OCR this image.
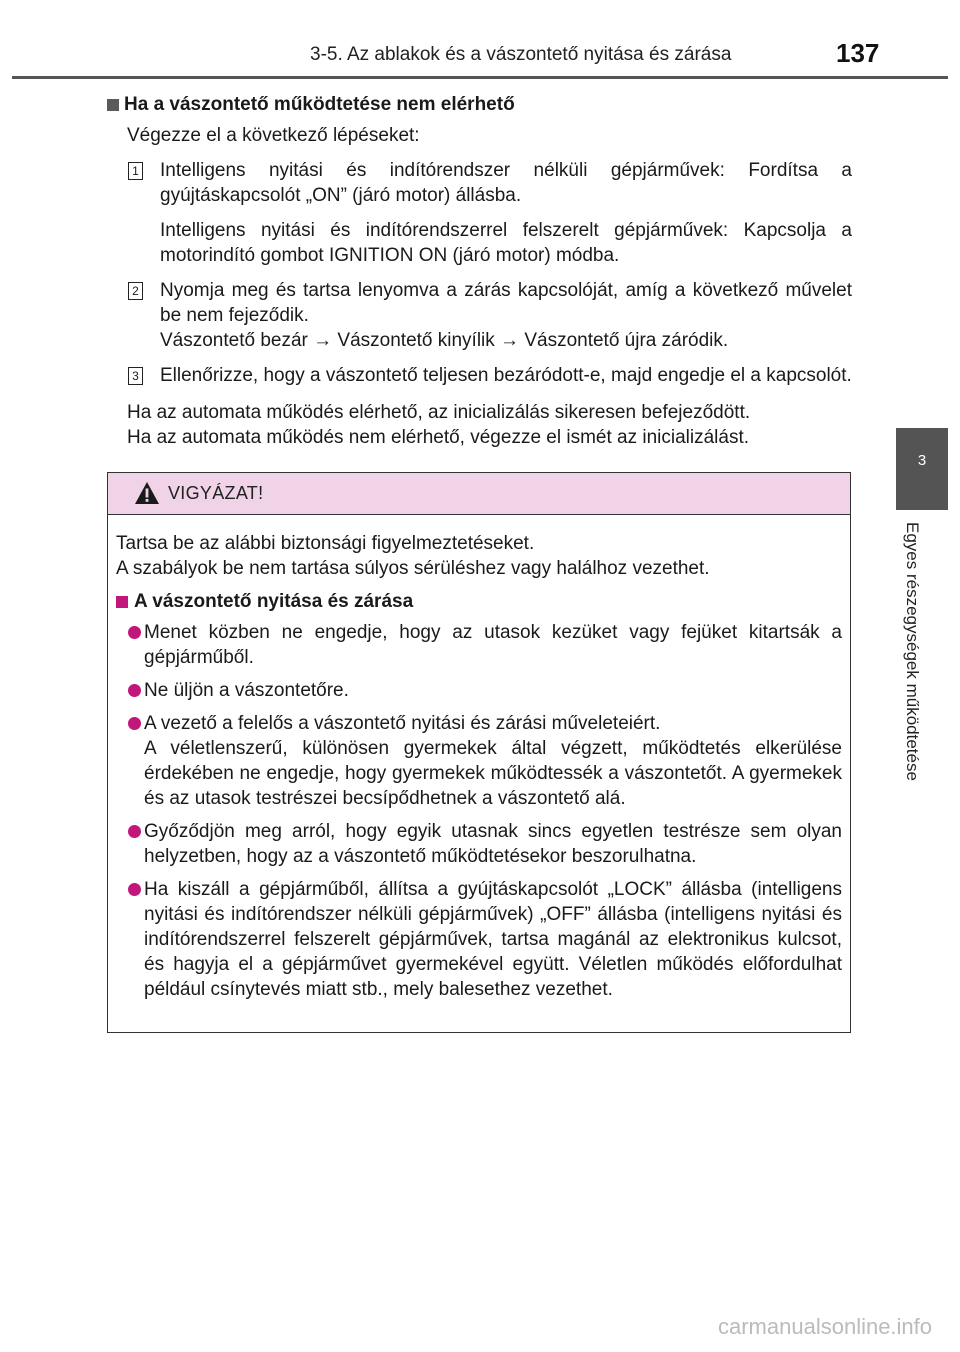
3-5. Az ablakok és a vászontető nyitása és zárása	137
3
Egyes részegységek működtetése
Ha a vászontető működtetése nem elérhető
Végezze el a következő lépéseket:
1 Intelligens nyitási és indítórendszer nélküli gépjárművek: Fordítsa a gyújtáskapcsolót „ON” (járó motor) állásba.
Intelligens nyitási és indítórendszerrel felszerelt gépjárművek: Kapcsolja a motorindító gombot IGNITION ON (járó motor) módba.
2 Nyomja meg és tartsa lenyomva a zárás kapcsolóját, amíg a következő művelet be nem fejeződik.
Vászontető bezár → Vászontető kinyílik → Vászontető újra záródik.
3 Ellenőrizze, hogy a vászontető teljesen bezáródott-e, majd engedje el a kapcsolót.
Ha az automata működés elérhető, az inicializálás sikeresen befejeződött.
Ha az automata működés nem elérhető, végezze el ismét az inicializálást.
VIGYÁZAT!
Tartsa be az alábbi biztonsági figyelmeztetéseket.
A szabályok be nem tartása súlyos sérüléshez vagy halálhoz vezethet.
A vászontető nyitása és zárása
Menet közben ne engedje, hogy az utasok kezüket vagy fejüket kitartsák a gépjárműből.
Ne üljön a vászontetőre.
A vezető a felelős a vászontető nyitási és zárási műveleteiért.
A véletlenszerű, különösen gyermekek által végzett, működtetés elkerülése érdekében ne engedje, hogy gyermekek működtessék a vászontetőt. A gyermekek és az utasok testrészei becsípődhetnek a vászontető alá.
Győződjön meg arról, hogy egyik utasnak sincs egyetlen testrésze sem olyan helyzetben, hogy az a vászontető működtetésekor beszorulhatna.
Ha kiszáll a gépjárműből, állítsa a gyújtáskapcsolót „LOCK” állásba (intelligens nyitási és indítórendszer nélküli gépjárművek) „OFF” állásba (intelligens nyitási és indítórendszerrel felszerelt gépjárművek, tartsa magánál az elektronikus kulcsot, és hagyja el a gépjárművet gyermekével együtt. Véletlen működés előfordulhat például csínytevés miatt stb., mely balesethez vezethet.
carmanualsonline.info
